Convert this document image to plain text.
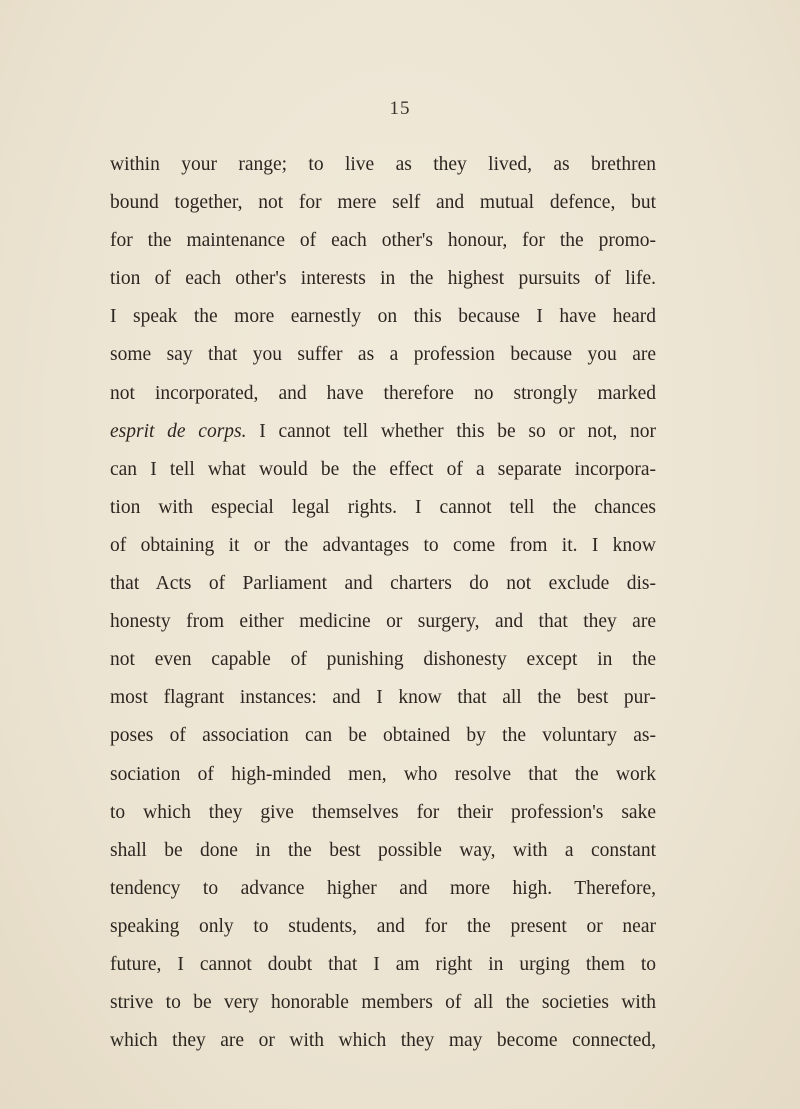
15
within your range; to live as they lived, as brethren
bound together, not for mere self and mutual defence, but
for the maintenance of each other's honour, for the promo-
tion of each other's interests in the highest pursuits of life.
I speak the more earnestly on this because I have heard
some say that you suffer as a profession because you are
not incorporated, and have therefore no strongly marked
esprit de corps. I cannot tell whether this be so or not, nor
can I tell what would be the effect of a separate incorpora-
tion with especial legal rights. I cannot tell the chances
of obtaining it or the advantages to come from it. I know
that Acts of Parliament and charters do not exclude dis-
honesty from either medicine or surgery, and that they are
not even capable of punishing dishonesty except in the
most flagrant instances: and I know that all the best pur-
poses of association can be obtained by the voluntary as-
sociation of high-minded men, who resolve that the work
to which they give themselves for their profession's sake
shall be done in the best possible way, with a constant
tendency to advance higher and more high. Therefore,
speaking only to students, and for the present or near
future, I cannot doubt that I am right in urging them to
strive to be very honorable members of all the societies with
which they are or with which they may become connected,
